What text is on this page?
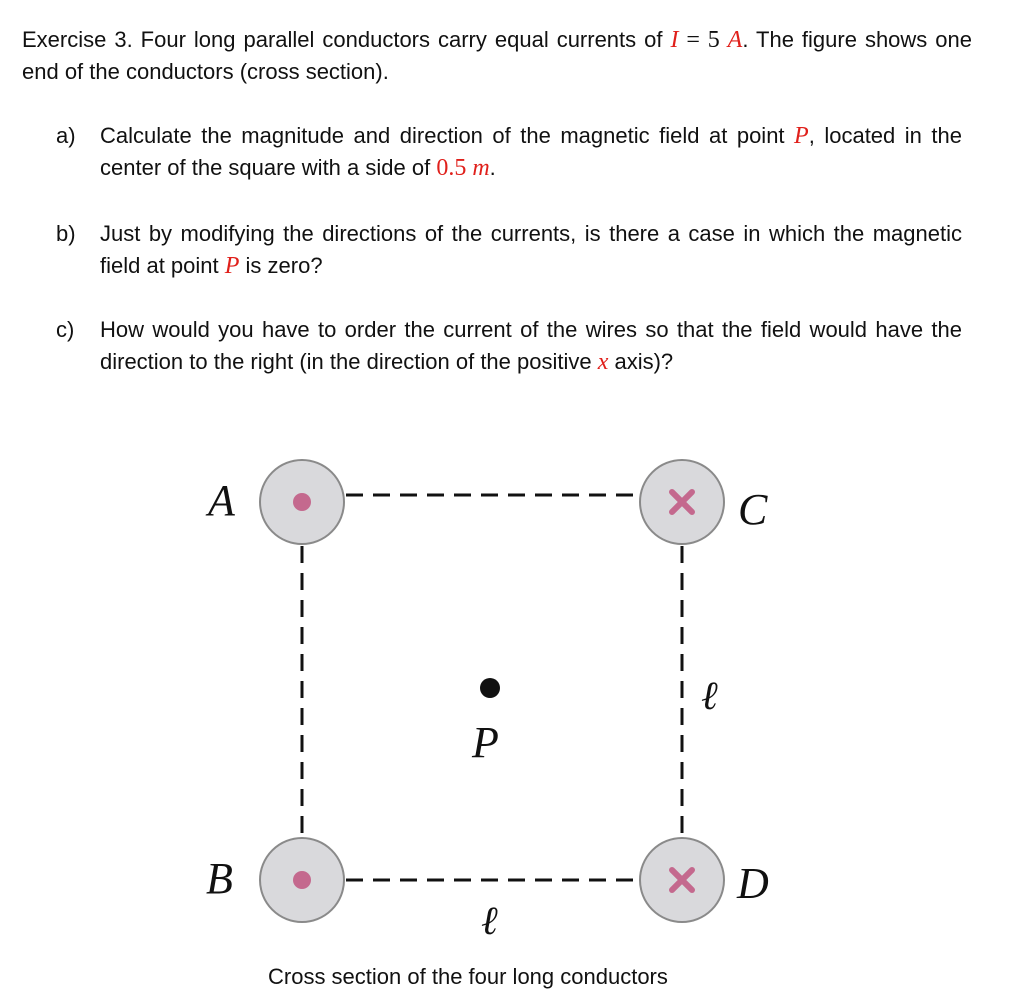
Exercise 3. Four long parallel conductors carry equal currents of I = 5 A. The figure shows one end of the conductors (cross section).
a) Calculate the magnitude and direction of the magnetic field at point P, located in the center of the square with a side of 0.5 m.
b) Just by modifying the directions of the currents, is there a case in which the magnetic field at point P is zero?
c) How would you have to order the current of the wires so that the field would have the direction to the right (in the direction of the positive x axis)?
A	C
B	D
P
ℓ
ℓ
Cross section of the four long conductors
